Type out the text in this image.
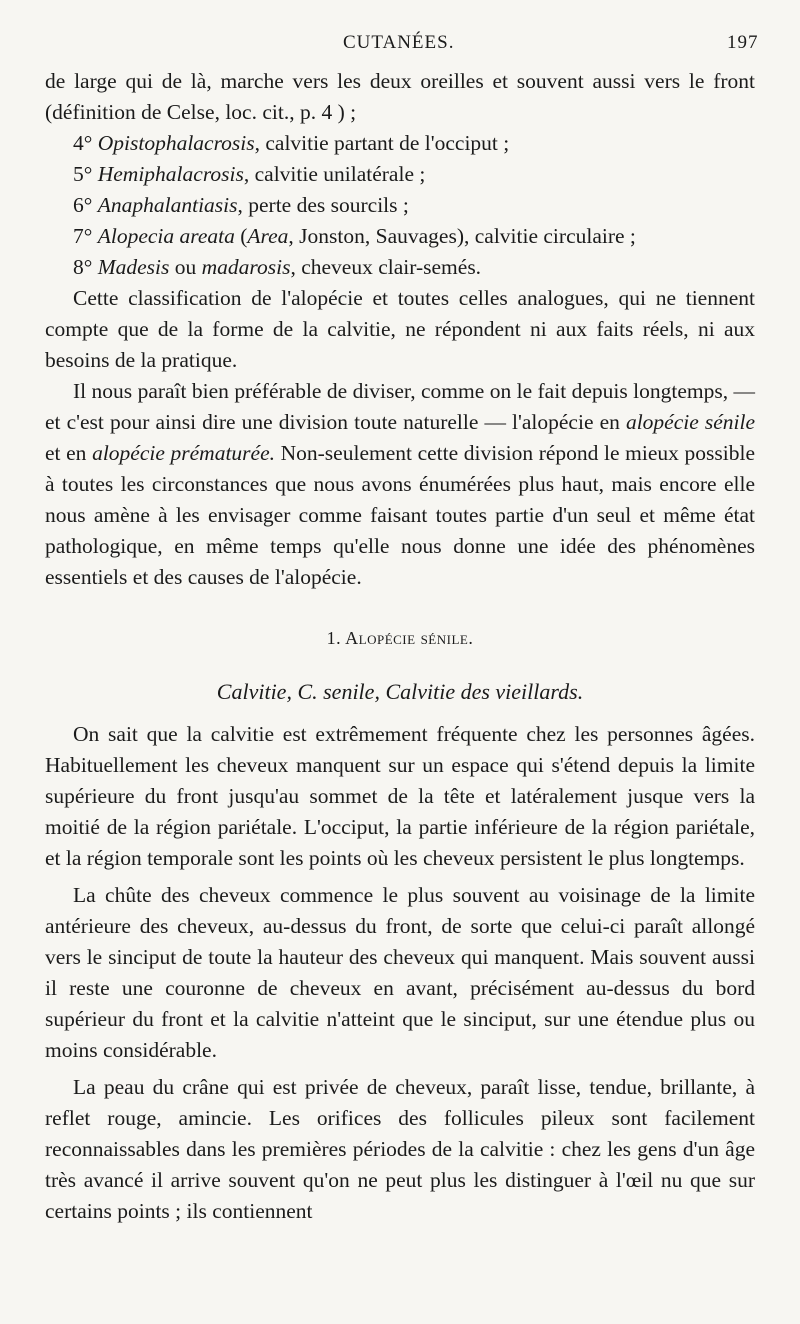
CUTANÉES.	197

de large qui de là, marche vers les deux oreilles et souvent aussi vers le front (définition de Celse, loc. cit., p. 4 ) ;

4° Opistophalacrosis, calvitie partant de l'occiput ;

5° Hemiphalacrosis, calvitie unilatérale ;

6° Anaphalantiasis, perte des sourcils ;

7° Alopecia areata (Area, Jonston, Sauvages), calvitie circulaire ;

8° Madesis ou madarosis, cheveux clair-semés.

Cette classification de l'alopécie et toutes celles analogues, qui ne tiennent compte que de la forme de la calvitie, ne répondent ni aux faits réels, ni aux besoins de la pratique.

Il nous paraît bien préférable de diviser, comme on le fait depuis longtemps, — et c'est pour ainsi dire une division toute naturelle — l'alopécie en alopécie sénile et en alopécie prématurée. Non-seulement cette division répond le mieux possible à toutes les circonstances que nous avons énumérées plus haut, mais encore elle nous amène à les envisager comme faisant toutes partie d'un seul et même état pathologique, en même temps qu'elle nous donne une idée des phénomènes essentiels et des causes de l'alopécie.

1. Alopécie sénile.

Calvitie, C. senile, Calvitie des vieillards.

On sait que la calvitie est extrêmement fréquente chez les personnes âgées. Habituellement les cheveux manquent sur un espace qui s'étend depuis la limite supérieure du front jusqu'au sommet de la tête et latéralement jusque vers la moitié de la région pariétale. L'occiput, la partie inférieure de la région pariétale, et la région temporale sont les points où les cheveux persistent le plus longtemps.

La chûte des cheveux commence le plus souvent au voisinage de la limite antérieure des cheveux, au-dessus du front, de sorte que celui-ci paraît allongé vers le sinciput de toute la hauteur des cheveux qui manquent. Mais souvent aussi il reste une couronne de cheveux en avant, précisément au-dessus du bord supérieur du front et la calvitie n'atteint que le sinciput, sur une étendue plus ou moins considérable.

La peau du crâne qui est privée de cheveux, paraît lisse, tendue, brillante, à reflet rouge, amincie. Les orifices des follicules pileux sont facilement reconnaissables dans les premières périodes de la calvitie : chez les gens d'un âge très avancé il arrive souvent qu'on ne peut plus les distinguer à l'œil nu que sur certains points ; ils contiennent
